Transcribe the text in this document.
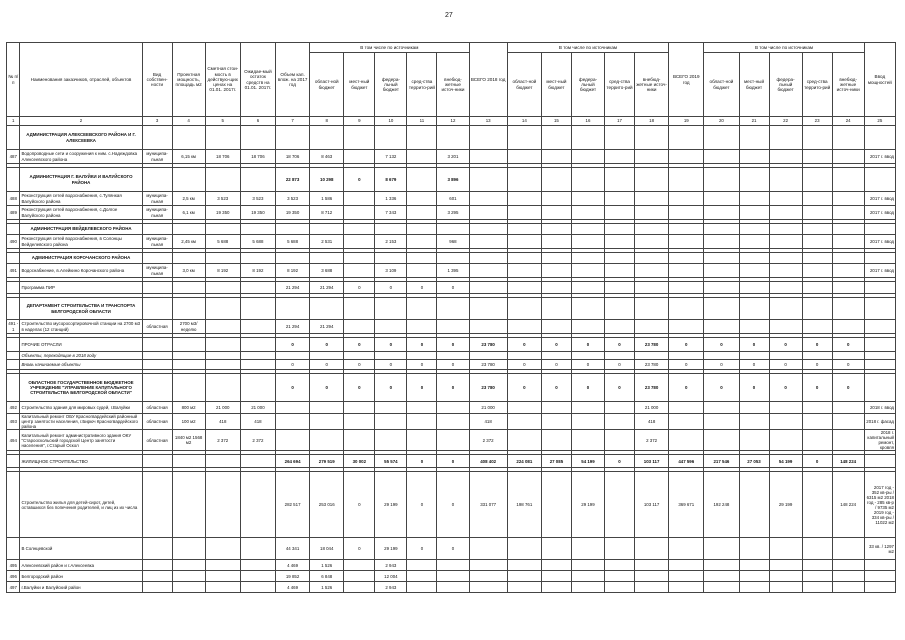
27
№ п/п	Наименования заказчиков, отраслей, объектов	Вид собствен-ности	Проектная мощность, площадь м2	Сметная стои-мость в действую-щих ценах на 01.01. 2017г.	Ожидае-мый остаток средств на 01.01. 2017г.	Объем кап. влож. на 2017 год	В том числе по источникам					ВСЕГО 2018 год	В том числе по источникам					ВСЕГО 2019 год	В том числе по источникам					Ввод мощностей
							област-ной бюджет	мест-ный бюджет	федера-льный бюджет	сред-ства террито-рий	внебюд-жетные источ-ники		област-ной бюджет	мест-ный бюджет	федера-льный бюджет	сред-ства террито-рий	внебюд-жетные источ-ники		област-ной бюджет	мест-ный бюджет	федера-льный бюджет	сред-ства террито-рий	внебюд-жетные источ-ники	
1	2	3	4	5	6	7	8	9	10	11	12	13	14	15	16	17	18	19	20	21	22	23	24	25
	АДМИНИСТРАЦИЯ АЛЕКСЕЕВСКОГО РАЙОНА И Г. АЛЕКСЕЕВКА																							
487	Водопроводные сети и сооружения к ним. с.Надеждовка Алексеевского района	муниципа-льная	6,15 км	18 706	18 706	18 706	8 463		7 132		3 201													2017 г. ввод

	АДМИНИСТРАЦИЯ Г. ВАЛУЙКИ И ВАЛУЙСКОГО РАЙОНА					22 873	10 298	0	8 679		3 896													
488	Реконструкция сетей водоснабжения, с.Тулянкая Валуйского района	муниципа-льная	2,5 км	3 523	3 523	3 523	1 586		1 336		601													2017 г. ввод
489	Реконструкция сетей водоснабжения, с.Долгое Валуйского района	муниципа-льная	6,1 км	19 350	19 350	19 350	8 712		7 343		3 295													2017 г. ввод

	АДМИНИСТРАЦИЯ ВЕЙДЕЛЕВСКОГО РАЙОНА																							
490	Реконструкция сетей водоснабжения, в Солонцы Вейделевского района	муниципа-льная	2,45 км	5 688	5 688	5 688	2 531		2 153		968													2017 г. ввод

	АДМИНИСТРАЦИЯ КОРОЧАНСКОГО РАЙОНА																							
491	Водоснабжение, в.Алейкино Корочанского района	муниципа-льная	3,0 км	8 192	8 192	8 192	3 688		3 109		1 395													2017 г. ввод

	Программа ПИР					21 294	21 294	0	0	0	0													

	ДЕПАРТАМЕНТ СТРОИТЕЛЬСТВА И ТРАНСПОРТА БЕЛГОРОДСКОЙ ОБЛАСТИ																							
491 - 1	Строительство мусоросортировочной станции на 2700 м3 в наделах (12 станций)	областная	2700 м3/ неделю			21 294	21 294																	

	ПРОЧИЕ ОТРАСЛИ					0	0	0	0	0	0	23 780	0	0	0	0	23 780	0	0	0	0	0	0	
	Объекты, переходящие в 2018 году																							
	Вновь начинаемые объекты					0	0	0	0	0	0	23 780	0	0	0	0	23 780	0	0	0	0	0	0	

	ОБЛАСТНОЕ ГОСУДАРСТВЕННОЕ БЮДЖЕТНОЕ УЧРЕЖДЕНИЕ "УПРАВЛЕНИЕ КАПИТАЛЬНОГО СТРОИТЕЛЬСТВА БЕЛГОРОДСКОЙ ОБЛАСТИ"					0	0	0	0	0	0	23 780	0	0	0	0	23 780	0	0	0	0	0	0	
492	Строительство здания для мировых судей, г.Валуйки	областная	800 м2	21 000	21 000							21 000					21 000							2018 г. ввод
493	Капитальный ремонт ОБУ Красногвардейский районный центр занятости населения, г.Бирюч Красногвардейского района	областная	100 м2	418	418							418					418							2018 г. фасад
494	Капитальный ремонт административного здания ОКУ "Старооскольский городской Центр занятости населения", г.Старый Оскол	областная	1840 м2 1568 м2	2 372	2 372							2 372					2 372							2018 г. капитальный ремонт, кровля

	ЖИЛИЩНОЕ СТРОИТЕЛЬСТВО					264 694	279 519	30 002	55 574	0	0	408 402	224 081	27 085	54 199	0	103 117	447 596	217 546	27 053	54 199	0	148 224	

	Строительство жилья для детей-сирот, детей, оставшихся без попечения родителей, и лиц из их числа					282 517	253 016	0	29 199	0	0	331 077	198 761		29 199		103 117	369 671	192 248		29 199		148 224	2017 год - 352 кв-ры / 6315 м2 2018 год - 285 кв-р / 9735 м2 2019 год - 334 кв-ры / 11022 м2
	В Солнцевской					44 341	18 044	0	29 199	0	0													33 кв. / 1297 м2
495	Алексеевский район и г.Алексеевка					4 469	1 526		2 943															
496	Белгородский район					19 852	6 848		12 004															
497	г.Валуйки и Валуйский район					4 469	1 526		2 943															
